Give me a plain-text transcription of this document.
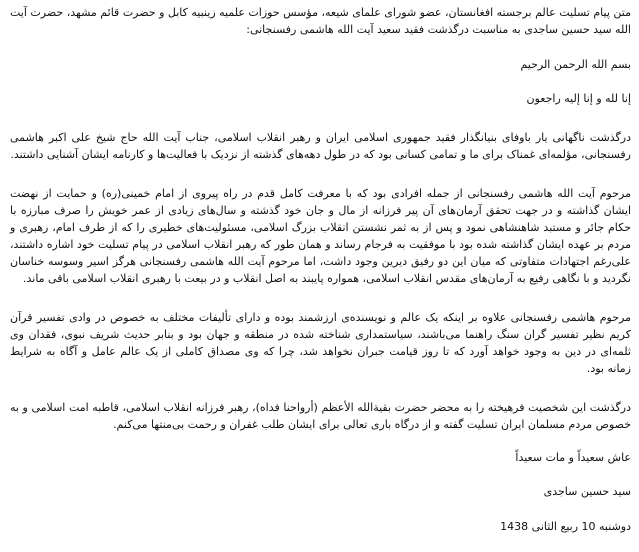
متن پیام تسلیت عالم برجسته افغانستان، عضو شورای علمای شیعه، مؤسس حوزات علمیه زینبیه کابل و حضرت قائم مشهد، حضرت آیت الله سید حسین ساجدی به مناسبت درگذشت فقید سعید آیت الله هاشمی رفسنجانی:

بسم الله الرحمن الرحیم

إنا لله و إنا إلیه راجعون

درگذشت ناگهانی یار باوفای بنیانگذار فقید جمهوری اسلامی ایران و رهبر انقلاب اسلامی، جناب آیت الله حاج شیخ علی اکبر هاشمی رفسنجانی، مؤلمه‌ای غمناک برای ما و تمامی کسانی بود که در طول دهه‌های گذشته از نزدیک با فعالیت‌ها و کارنامه ایشان آشنایی داشتند.

مرحوم آیت الله هاشمی رفسنجانی از جمله افرادی بود که با معرفت کامل قدم در راه پیروی از امام خمینی(ره) و حمایت از نهضت ایشان گذاشته و در جهت تحقق آرمان‌های آن پیر فرزانه از مال و جان خود گذشته و سال‌های زیادی از عمر خویش را صرف مبارزه با حکام جائر و مستبد شاهنشاهی نمود و پس از به ثمر نشستن انقلاب بزرگ اسلامی، مسئولیت‌های خطیری را که از طرف امام، رهبری و مردم بر عهده ایشان گذاشته شده بود با موفقیت به فرجام رساند و همان طور که رهبر انقلاب اسلامی در پیام تسلیت خود اشاره داشتند، علی‌رغم اجتهادات متفاوتی که میان این دو رفیق دیرین وجود داشت، اما مرحوم آیت الله هاشمی رفسنجانی هرگز اسیر وسوسه خناسان نگردید و با نگاهی رفیع به آرمان‌های مقدس انقلاب اسلامی، همواره پایبند به اصل انقلاب و در بیعت با رهبری انقلاب اسلامی باقی ماند.

مرحوم هاشمی رفسنجانی علاوه بر اینکه یک عالم و نویسنده‌ی ارزشمند بوده و دارای تألیفات مختلف به خصوص در وادی تفسیر قرآن کریم نظیر تفسیر گران سنگ راهنما می‌باشند، سیاستمداری شناخته شده در منطقه و جهان بود و بنابر حدیث شریف نبوی، فقدان وی ثلمه‌ای در دین به وجود خواهد آورد که تا روز قیامت جبران نخواهد شد، چرا که وی مصداق کاملی از یک عالم عامل و آگاه به شرایط زمانه بود.

درگذشت این شخصیت فرهیخته را به محضر حضرت بقیةالله الأعظم (أرواحنا فداه)، رهبر فرزانه انقلاب اسلامی، قاطبه امت اسلامی و به خصوص مردم مسلمان ایران تسلیت گفته و از درگاه باری تعالی برای ایشان طلب غفران و رحمت بی‌منتها می‌کنم.

عاش سعیداً و مات سعیداً

سید حسین ساجدی

دوشنبه 10 ربیع الثانی 1438
